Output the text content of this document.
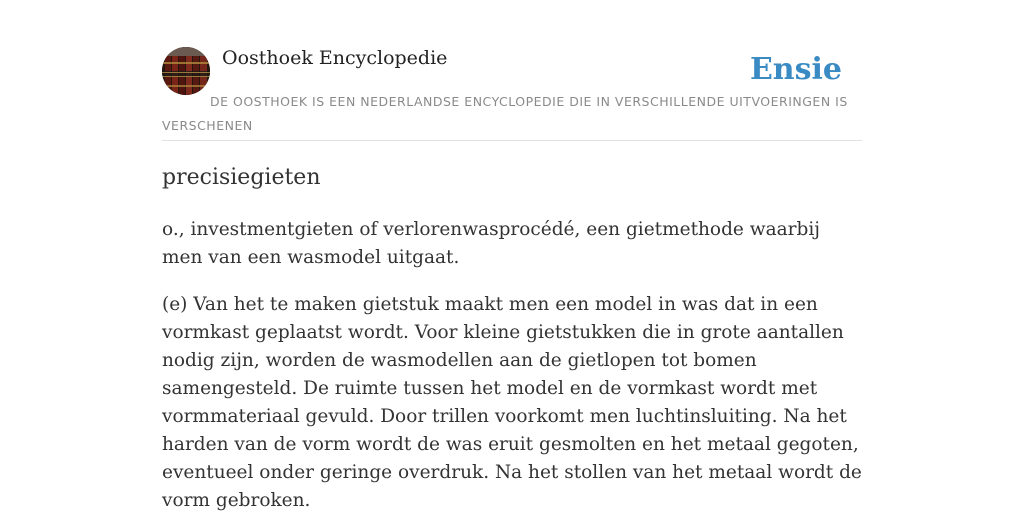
Oosthoek Encyclopedie	Ensie
DE OOSTHOEK IS EEN NEDERLANDSE ENCYCLOPEDIE DIE IN VERSCHILLENDE UITVOERINGEN IS VERSCHENEN
precisiegieten

o., investmentgieten of verlorenwasprocédé, een gietmethode waarbij men van een wasmodel uitgaat.

(e) Van het te maken gietstuk maakt men een model in was dat in een vormkast geplaatst wordt. Voor kleine gietstukken die in grote aantallen nodig zijn, worden de wasmodellen aan de gietlopen tot bomen samengesteld. De ruimte tussen het model en de vormkast wordt met vormmateriaal gevuld. Door trillen voorkomt men luchtinsluiting. Na het harden van de vorm wordt de was eruit gesmolten en het metaal gegoten, eventueel onder geringe overdruk. Na het stollen van het metaal wordt de vorm gebroken.
